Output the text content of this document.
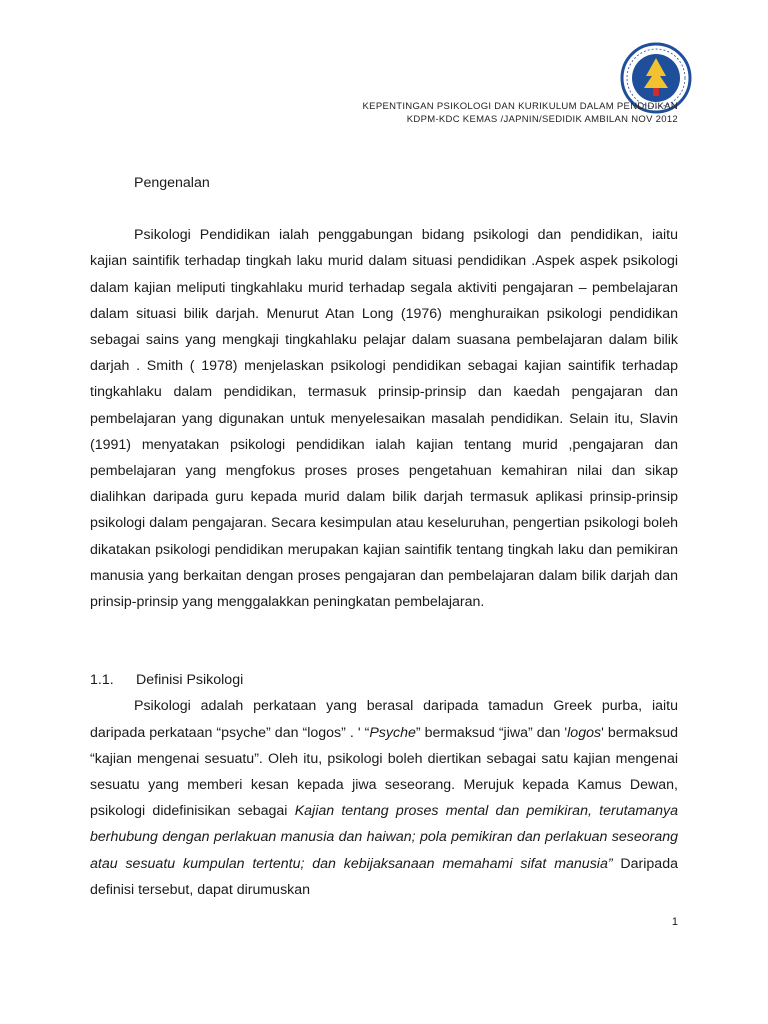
KEPENTINGAN PSIKOLOGI DAN KURIKULUM DALAM PENDIDIKAN
KDPM-KDC KEMAS /JAPNIN/SEDIDIK AMBILAN NOV 2012

Pengenalan

Psikologi Pendidikan ialah penggabungan bidang psikologi dan pendidikan, iaitu kajian saintifik terhadap tingkah laku murid dalam situasi pendidikan .Aspek aspek psikologi dalam kajian meliputi tingkahlaku murid terhadap segala aktiviti pengajaran – pembelajaran dalam situasi bilik darjah. Menurut Atan Long (1976) menghuraikan psikologi pendidikan sebagai sains yang mengkaji tingkahlaku pelajar dalam suasana pembelajaran dalam bilik darjah . Smith ( 1978) menjelaskan psikologi pendidikan sebagai kajian saintifik terhadap tingkahlaku dalam pendidikan, termasuk prinsip-prinsip dan kaedah pengajaran dan pembelajaran yang digunakan untuk menyelesaikan masalah pendidikan. Selain itu, Slavin (1991) menyatakan psikologi pendidikan ialah kajian tentang murid ,pengajaran dan pembelajaran yang mengfokus proses proses pengetahuan kemahiran nilai dan sikap dialihkan daripada guru kepada murid dalam bilik darjah termasuk aplikasi prinsip-prinsip psikologi dalam pengajaran. Secara kesimpulan atau keseluruhan, pengertian psikologi boleh dikatakan psikologi pendidikan merupakan kajian saintifik tentang tingkah laku dan pemikiran manusia yang berkaitan dengan proses pengajaran dan pembelajaran dalam bilik darjah dan prinsip-prinsip yang menggalakkan peningkatan pembelajaran.

1.1.	Definisi Psikologi

Psikologi adalah perkataan yang berasal daripada tamadun Greek purba, iaitu daripada perkataan “psyche” dan “logos” . ' “Psyche” bermaksud “jiwa” dan 'logos' bermaksud “kajian mengenai sesuatu”. Oleh itu, psikologi boleh diertikan sebagai satu kajian mengenai sesuatu yang memberi kesan kepada jiwa seseorang. Merujuk kepada Kamus Dewan, psikologi didefinisikan sebagai Kajian tentang proses mental dan pemikiran, terutamanya berhubung dengan perlakuan manusia dan haiwan; pola pemikiran dan perlakuan seseorang atau sesuatu kumpulan tertentu; dan kebijaksanaan memahami sifat manusia” Daripada definisi tersebut, dapat dirumuskan

1
